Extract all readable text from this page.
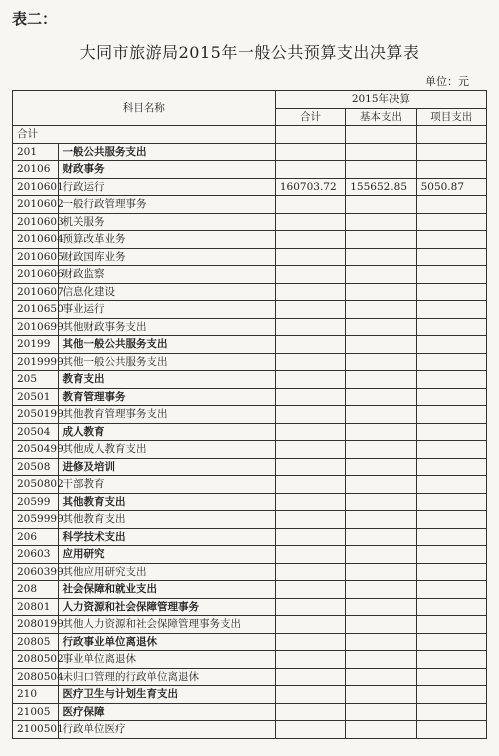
表二：
大同市旅游局2015年一般公共预算支出决算表
单位：元
科目名称		2015年决算		
		合计	基本支出	项目支出
合计				
201	一般公共服务支出			
20106	财政事务			
2010601	行政运行	160703.72	155652.85	5050.87
2010602	一般行政管理事务			
2010603	机关服务			
2010604	预算改革业务			
2010605	财政国库业务			
2010606	财政监察			
2010607	信息化建设			
2010650	事业运行			
2010699	其他财政事务支出			
20199	其他一般公共服务支出			
2019999	其他一般公共服务支出			
205	教育支出			
20501	教育管理事务			
2050199	其他教育管理事务支出			
20504	成人教育			
2050499	其他成人教育支出			
20508	进修及培训			
2050802	干部教育			
20599	其他教育支出			
2059999	其他教育支出			
206	科学技术支出			
20603	应用研究			
2060399	其他应用研究支出			
208	社会保障和就业支出			
20801	人力资源和社会保障管理事务			
2080199	其他人力资源和社会保障管理事务支出			
20805	行政事业单位离退休			
2080502	事业单位离退休			
2080504	未归口管理的行政单位离退休			
210	医疗卫生与计划生育支出			
21005	医疗保障			
2100501	行政单位医疗			
